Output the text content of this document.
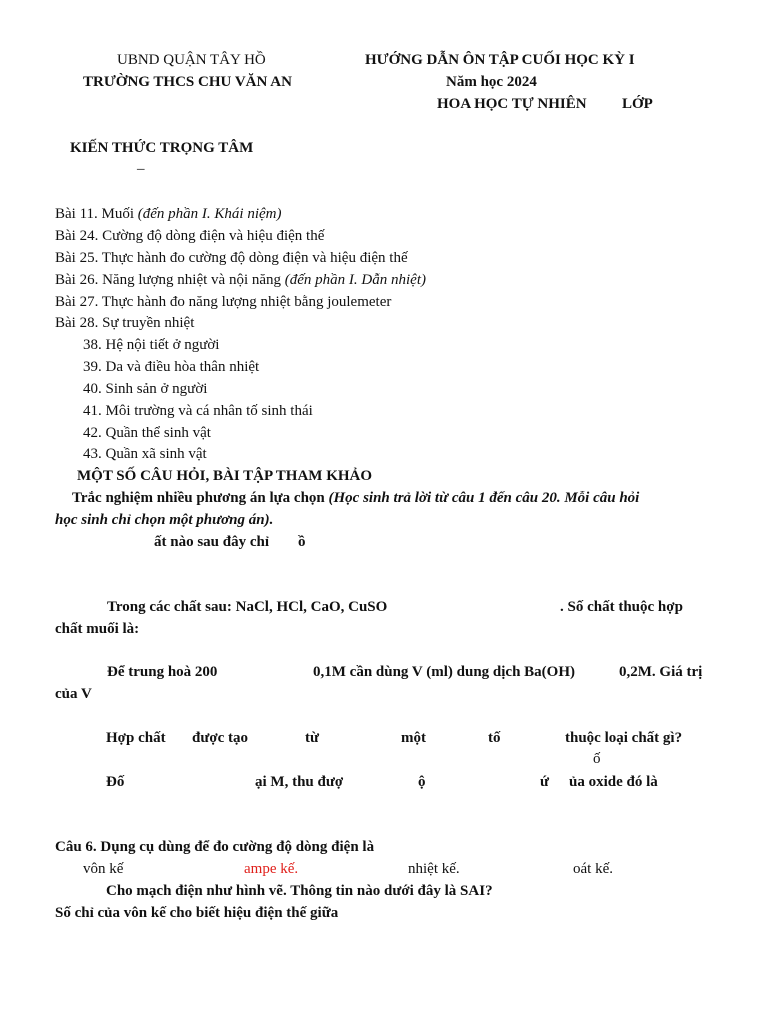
UBND QUẬN TÂY HỒ
TRƯỜNG THCS CHU VĂN AN
HƯỚNG DẪN ÔN TẬP CUỐI HỌC KỲ I
Năm học 2024
HOA HỌC TỰ NHIÊN LỚP
KIẾN THỨC TRỌNG TÂM
–
Bài 11. Muối (đến phần I. Khái niệm)
Bài 24. Cường độ dòng điện và hiệu điện thế
Bài 25. Thực hành đo cường độ dòng điện và hiệu điện thế
Bài 26. Năng lượng nhiệt và nội năng (đến phần I. Dẫn nhiệt)
Bài 27. Thực hành đo năng lượng nhiệt bằng joulemeter
Bài 28. Sự truyền nhiệt
38. Hệ nội tiết ở người
39. Da và điều hòa thân nhiệt
40. Sinh sản ở người
41. Môi trường và cá nhân tố sinh thái
42. Quần thể sinh vật
43. Quần xã sinh vật
MỘT SỐ CÂU HỎI, BÀI TẬP THAM KHẢO
Trắc nghiệm nhiều phương án lựa chọn (Học sinh trả lời từ câu 1 đến câu 20. Mỗi câu hỏi
học sinh chỉ chọn một phương án).
ất nào sau đây chỉ ồ
Trong các chất sau: NaCl, HCl, CaO, CuSO	. Số chất thuộc hợp
chất muối là:
Để trung hoà 200	0,1M cần dùng V (ml) dung dịch Ba(OH)	0,2M. Giá trị
của V
Hợp chất được tạo	từ	một	tố	thuộc loại chất gì?
ố
Đố	ại M, thu đượ	ộ	ứ ủa oxide đó là
Câu 6. Dụng cụ dùng để đo cường độ dòng điện là
vôn kế	ampe kế.	nhiệt kế.	oát kế.
Cho mạch điện như hình vẽ. Thông tin nào dưới đây là SAI?
Số chỉ của vôn kế cho biết hiệu điện thế giữa
